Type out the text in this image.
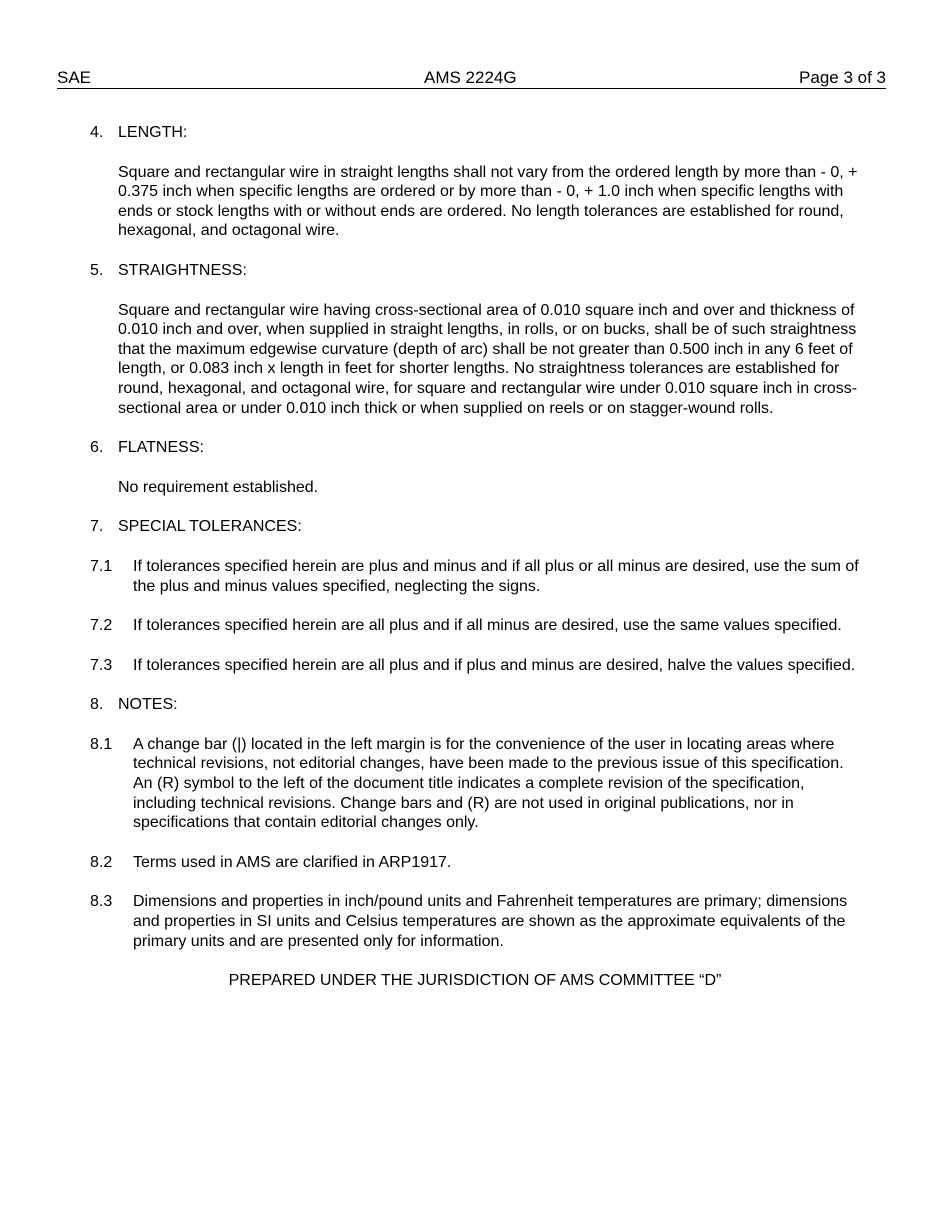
SAE	AMS 2224G	Page 3 of 3
4. LENGTH:
Square and rectangular wire in straight lengths shall not vary from the ordered length by more than - 0, + 0.375 inch when specific lengths are ordered or by more than - 0, + 1.0 inch when specific lengths with ends or stock lengths with or without ends are ordered. No length tolerances are established for round, hexagonal, and octagonal wire.
5. STRAIGHTNESS:
Square and rectangular wire having cross-sectional area of 0.010 square inch and over and thickness of 0.010 inch and over, when supplied in straight lengths, in rolls, or on bucks, shall be of such straightness that the maximum edgewise curvature (depth of arc) shall be not greater than 0.500 inch in any 6 feet of length, or 0.083 inch x length in feet for shorter lengths. No straightness tolerances are established for round, hexagonal, and octagonal wire, for square and rectangular wire under 0.010 square inch in cross-sectional area or under 0.010 inch thick or when supplied on reels or on stagger-wound rolls.
6. FLATNESS:
No requirement established.
7. SPECIAL TOLERANCES:
7.1	If tolerances specified herein are plus and minus and if all plus or all minus are desired, use the sum of the plus and minus values specified, neglecting the signs.
7.2	If tolerances specified herein are all plus and if all minus are desired, use the same values specified.
7.3	If tolerances specified herein are all plus and if plus and minus are desired, halve the values specified.
8. NOTES:
8.1	A change bar (|) located in the left margin is for the convenience of the user in locating areas where technical revisions, not editorial changes, have been made to the previous issue of this specification. An (R) symbol to the left of the document title indicates a complete revision of the specification, including technical revisions. Change bars and (R) are not used in original publications, nor in specifications that contain editorial changes only.
8.2	Terms used in AMS are clarified in ARP1917.
8.3	Dimensions and properties in inch/pound units and Fahrenheit temperatures are primary; dimensions and properties in SI units and Celsius temperatures are shown as the approximate equivalents of the primary units and are presented only for information.
PREPARED UNDER THE JURISDICTION OF AMS COMMITTEE “D”
